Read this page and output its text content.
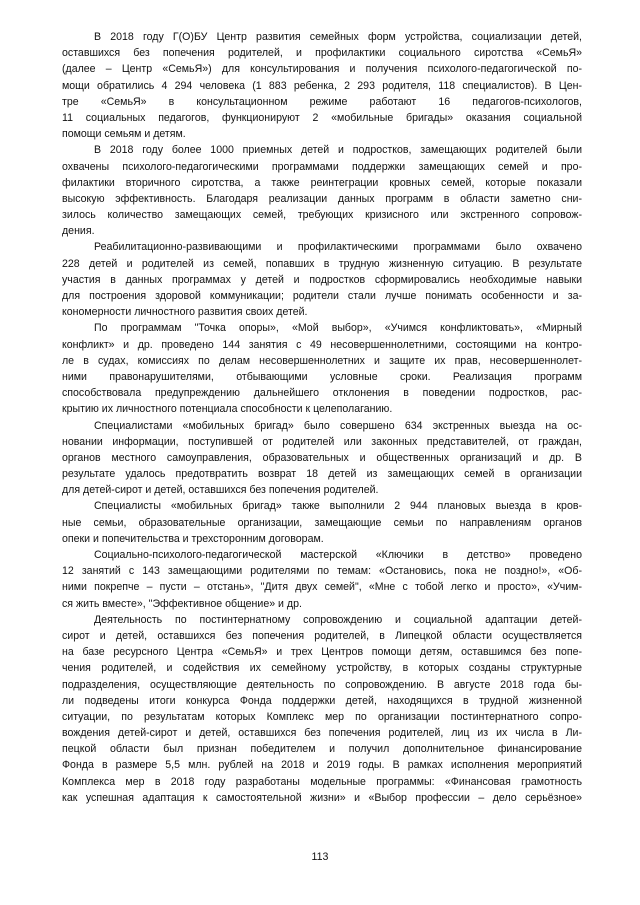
В 2018 году Г(О)БУ Центр развития семейных форм устройства, социализации детей,
оставшихся без попечения родителей, и профилактики социального сиротства «СемьЯ»
(далее – Центр «СемьЯ») для консультирования и получения психолого-педагогической по-
мощи обратились 4 294 человека (1 883 ребенка, 2 293 родителя, 118 специалистов). В Цен-
тре «СемьЯ» в консультационном режиме работают 16 педагогов-психологов,
11 социальных педагогов, функционируют 2 «мобильные бригады» оказания социальной
помощи семьям и детям.
В 2018 году более 1000 приемных детей и подростков, замещающих родителей были
охвачены психолого-педагогическими программами поддержки замещающих семей и про-
филактики вторичного сиротства, а также реинтеграции кровных семей, которые показали
высокую эффективность. Благодаря реализации данных программ в области заметно сни-
зилось количество замещающих семей, требующих кризисного или экстренного сопровож-
дения.
Реабилитационно-развивающими и профилактическими программами было охвачено
228 детей и родителей из семей, попавших в трудную жизненную ситуацию. В результате
участия в данных программах у детей и подростков сформировались необходимые навыки
для построения здоровой коммуникации; родители стали лучше понимать особенности и за-
кономерности личностного развития своих детей.
По программам "Точка опоры», «Мой выбор», «Учимся конфликтовать», «Мирный
конфликт» и др. проведено 144 занятия с 49 несовершеннолетними, состоящими на контро-
ле в судах, комиссиях по делам несовершеннолетних и защите их прав, несовершеннолет-
ними правонарушителями, отбывающими условные сроки. Реализация программ
способствовала предупреждению дальнейшего отклонения в поведении подростков, рас-
крытию их личностного потенциала способности к целеполаганию.
Специалистами «мобильных бригад» было совершено 634 экстренных выезда на ос-
новании информации, поступившей от родителей или законных представителей, от граждан,
органов местного самоуправления, образовательных и общественных организаций и др. В
результате удалось предотвратить возврат 18 детей из замещающих семей в организации
для детей-сирот и детей, оставшихся без попечения родителей.
Специалисты «мобильных бригад» также выполнили 2 944 плановых выезда в кров-
ные семьи, образовательные организации, замещающие семьи по направлениям органов
опеки и попечительства и трехсторонним договорам.
Социально-психолого-педагогической мастерской «Ключики в детство» проведено
12 занятий с 143 замещающими родителями по темам: «Остановись, пока не поздно!», «Об-
ними покрепче – пусти – отстань», "Дитя двух семей", «Мне с тобой легко и просто», «Учим-
ся жить вместе», "Эффективное общение» и др.
Деятельность по постинтернатному сопровождению и социальной адаптации детей-
сирот и детей, оставшихся без попечения родителей, в Липецкой области осуществляется
на базе ресурсного Центра «СемьЯ» и трех Центров помощи детям, оставшимся без попе-
чения родителей, и содействия их семейному устройству, в которых созданы структурные
подразделения, осуществляющие деятельность по сопровождению. В августе 2018 года бы-
ли подведены итоги конкурса Фонда поддержки детей, находящихся в трудной жизненной
ситуации, по результатам которых Комплекс мер по организации постинтернатного сопро-
вождения детей-сирот и детей, оставшихся без попечения родителей, лиц из их числа в Ли-
пецкой области был признан победителем и получил дополнительное финансирование
Фонда в размере 5,5 млн. рублей на 2018 и 2019 годы. В рамках исполнения мероприятий
Комплекса мер в 2018 году разработаны модельные программы: «Финансовая грамотность
как успешная адаптация к самостоятельной жизни» и «Выбор профессии – дело серьёзное»
113
